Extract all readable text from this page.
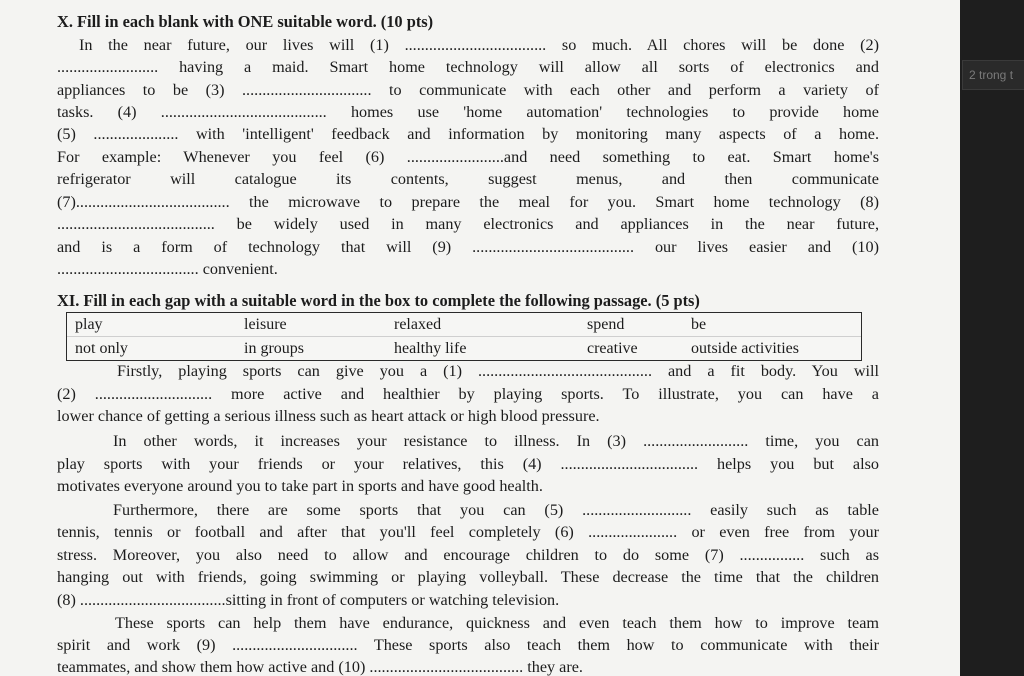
X. Fill in each blank with ONE suitable word. (10 pts)
In the near future, our lives will (1) ................................... so much. All chores will be done (2)
......................... having a maid. Smart home technology will allow all sorts of electronics and
appliances to be (3) ................................ to communicate with each other and perform a variety of
tasks. (4) ......................................... homes use 'home automation' technologies to provide home
(5) ..................... with 'intelligent' feedback and information by monitoring many aspects of a home.
For example: Whenever you feel (6) ........................and need something to eat. Smart home's
refrigerator will catalogue its contents, suggest menus, and then communicate
(7)...................................... the microwave to prepare the meal for you. Smart home technology (8)
....................................... be widely used in many electronics and appliances in the near future,
and is a form of technology that will (9) ........................................ our lives easier and (10)
................................... convenient.
XI. Fill in each gap with a suitable word in the box to complete the following passage. (5 pts)
play	leisure	relaxed	spend	be
not only	in groups	healthy life	creative	outside activities
Firstly, playing sports can give you a (1) ........................................... and a fit body. You will
(2) ............................. more active and healthier by playing sports. To illustrate, you can have a
lower chance of getting a serious illness such as heart attack or high blood pressure.
In other words, it increases your resistance to illness. In (3) .......................... time, you can
play sports with your friends or your relatives, this (4) .................................. helps you but also
motivates everyone around you to take part in sports and have good health.
Furthermore, there are some sports that you can (5) ........................... easily such as table
tennis, tennis or football and after that you'll feel completely (6) ...................... or even free from your
stress. Moreover, you also need to allow and encourage children to do some (7) ................ such as
hanging out with friends, going swimming or playing volleyball. These decrease the time that the children
(8) ....................................sitting in front of computers or watching television.
These sports can help them have endurance, quickness and even teach them how to improve team
spirit and work (9) ............................... These sports also teach them how to communicate with their
teammates, and show them how active and (10) ...................................... they are.
2 trong t
